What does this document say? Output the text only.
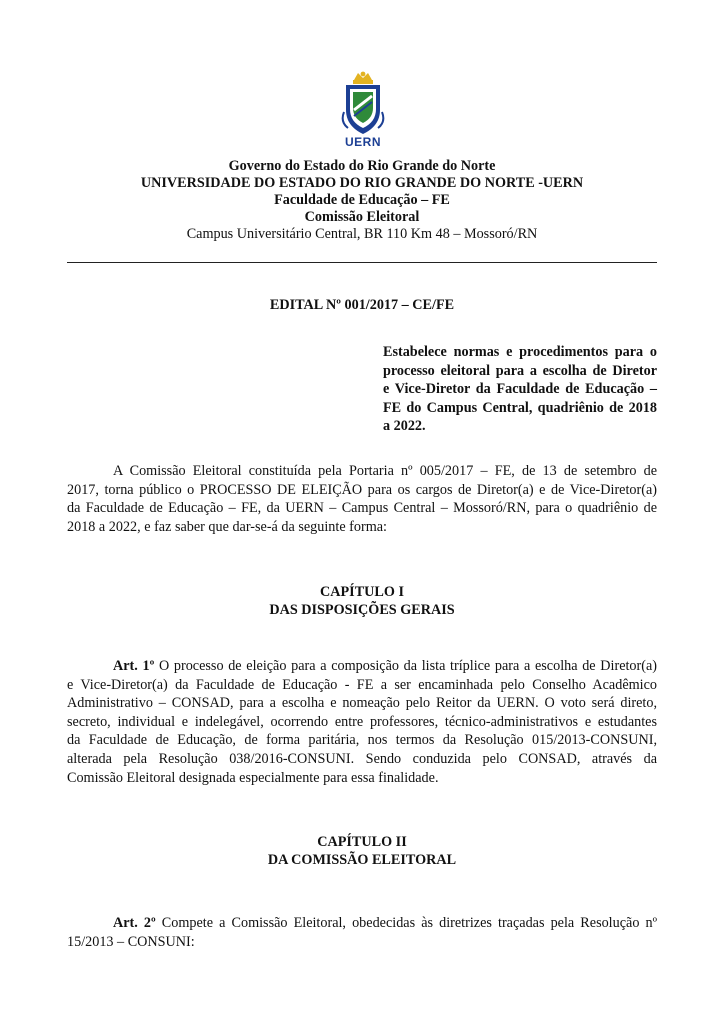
UERN
Governo do Estado do Rio Grande do Norte
UNIVERSIDADE DO ESTADO DO RIO GRANDE DO NORTE -UERN
Faculdade de Educação – FE
Comissão Eleitoral
Campus Universitário Central, BR 110 Km 48 – Mossoró/RN
EDITAL Nº 001/2017 – CE/FE
Estabelece normas e procedimentos para o
processo eleitoral para a escolha de Diretor
e Vice-Diretor da Faculdade de Educação –
FE do Campus Central, quadriênio de 2018
a 2022.
A Comissão Eleitoral constituída pela Portaria nº 005/2017 – FE, de 13 de setembro de
2017, torna público o PROCESSO DE ELEIÇÃO para os cargos de Diretor(a) e de Vice-Diretor(a)
da Faculdade de Educação – FE, da UERN – Campus Central – Mossoró/RN, para o quadriênio de
2018 a 2022, e faz saber que dar-se-á da seguinte forma:
CAPÍTULO I
DAS DISPOSIÇÕES GERAIS
Art. 1º O processo de eleição para a composição da lista tríplice para a escolha de Diretor(a)
e Vice-Diretor(a) da Faculdade de Educação - FE a ser encaminhada pelo Conselho Acadêmico
Administrativo – CONSAD, para a escolha e nomeação pelo Reitor da UERN. O voto será direto,
secreto, individual e indelegável, ocorrendo entre professores, técnico-administrativos e estudantes
da Faculdade de Educação, de forma paritária, nos termos da Resolução 015/2013-CONSUNI,
alterada pela Resolução 038/2016-CONSUNI. Sendo conduzida pelo CONSAD, através da
Comissão Eleitoral designada especialmente para essa finalidade.
CAPÍTULO II
DA COMISSÃO ELEITORAL
Art. 2º Compete a Comissão Eleitoral, obedecidas às diretrizes traçadas pela Resolução nº
15/2013 – CONSUNI:
